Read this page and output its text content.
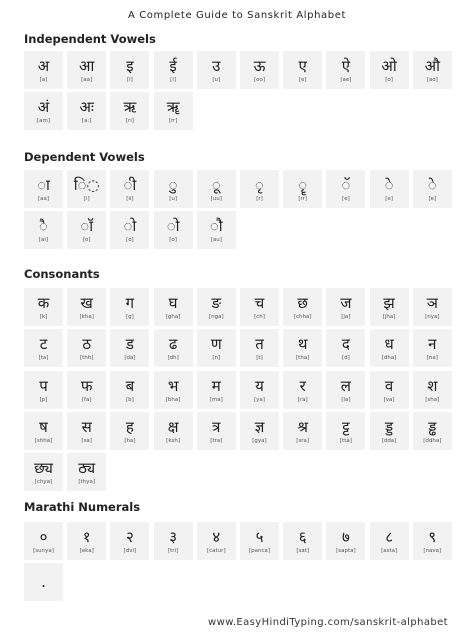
A Complete Guide to Sanskrit Alphabet
Independent Vowels
अ
[a]
आ
[aa]
इ
[i]
ई
[i]
उ
[u]
ऊ
[oo]
ए
[e]
ऐ
[ae]
ओ
[o]
औ
[ao]
अं
[am]
अः
[a:]
ऋ
[ri]
ॠ
[rr]
Dependent Vowels
◌ा
[aa]
ि◌
[i]
◌ी
[ii]
◌ु
[u]
◌ू
[uu]
◌ृ
[r]
◌ॄ
[rr]
◌ॅ
[e]
◌े
[e]
◌े
[e]
◌ै
[ai]
◌ॉ
[o]
◌ो
[o]
◌ो
[o]
◌ौ
[au]
Consonants
क
[k]
ख
[kha]
ग
[g]
घ
[gha]
ङ
[nga]
च
[ch]
छ
[chha]
ज
[ja]
झ
[jha]
ञ
[nya]
ट
[ta]
ठ
[thh]
ड
[da]
ढ
[dh]
ण
[n]
त
[t]
थ
[tha]
द
[d]
ध
[dha]
न
[na]
प
[p]
फ
[fa]
ब
[b]
भ
[bha]
म
[ma]
य
[ya]
र
[ra]
ल
[la]
व
[va]
श
[sha]
ष
[shha]
स
[sa]
ह
[ha]
क्ष
[ksh]
त्र
[tra]
ज्ञ
[gya]
श्र
[sra]
ट्ट
[tta]
ड्ड
[dda]
ड्ढ
[ddha]
छ्य
[chya]
ठ्य
[thya]
Marathi Numerals
०
[sunya]
१
[eka]
२
[dvi]
३
[tri]
४
[catur]
५
[panca]
६
[sat]
७
[sapta]
८
[asta]
९
[nava]
.
www.EasyHindiTyping.com/sanskrit-alphabet
